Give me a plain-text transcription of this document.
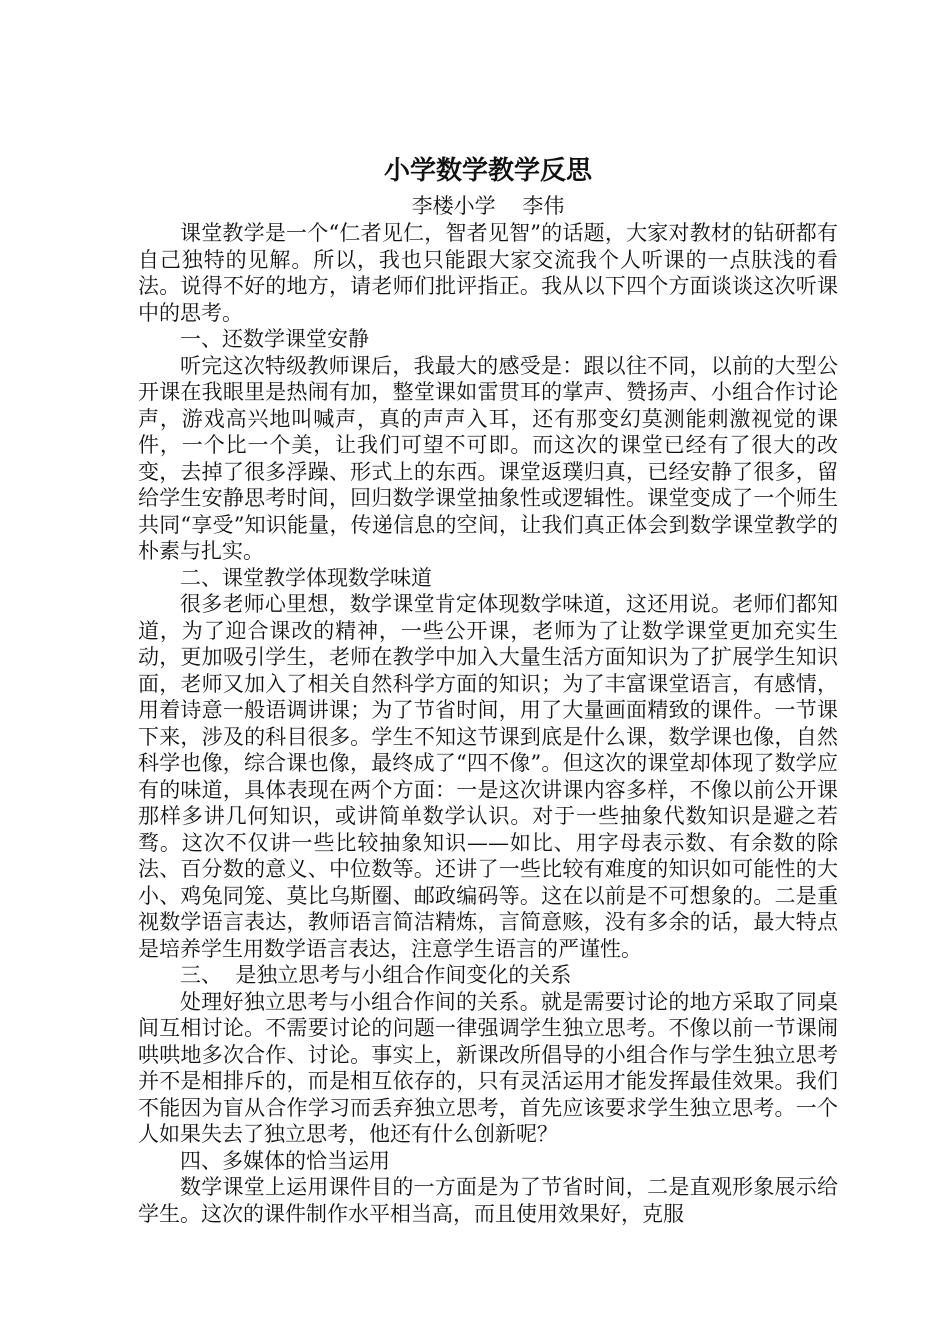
小学数学教学反思

李楼小学    李伟

课堂教学是一个“仁者见仁，智者见智”的话题，大家对教材的钻研都有自己独特的见解。所以，我也只能跟大家交流我个人听课的一点肤浅的看法。说得不好的地方，请老师们批评指正。我从以下四个方面谈谈这次听课中的思考。

一、还数学课堂安静

听完这次特级教师课后，我最大的感受是：跟以往不同，以前的大型公开课在我眼里是热闹有加，整堂课如雷贯耳的掌声、赞扬声、小组合作讨论声，游戏高兴地叫喊声，真的声声入耳，还有那变幻莫测能刺激视觉的课件，一个比一个美，让我们可望不可即。而这次的课堂已经有了很大的改变，去掉了很多浮躁、形式上的东西。课堂返璞归真，已经安静了很多，留给学生安静思考时间，回归数学课堂抽象性或逻辑性。课堂变成了一个师生共同“享受”知识能量，传递信息的空间，让我们真正体会到数学课堂教学的朴素与扎实。

二、课堂教学体现数学味道

很多老师心里想，数学课堂肯定体现数学味道，这还用说。老师们都知道，为了迎合课改的精神，一些公开课，老师为了让数学课堂更加充实生动，更加吸引学生，老师在教学中加入大量生活方面知识为了扩展学生知识面，老师又加入了相关自然科学方面的知识；为了丰富课堂语言，有感情，用着诗意一般语调讲课；为了节省时间，用了大量画面精致的课件。一节课下来，涉及的科目很多。学生不知这节课到底是什么课，数学课也像，自然科学也像，综合课也像，最终成了“四不像”。但这次的课堂却体现了数学应有的味道，具体表现在两个方面：一是这次讲课内容多样，不像以前公开课那样多讲几何知识，或讲简单数学认识。对于一些抽象代数知识是避之若骛。这次不仅讲一些比较抽象知识——如比、用字母表示数、有余数的除法、百分数的意义、中位数等。还讲了一些比较有难度的知识如可能性的大小、鸡兔同笼、莫比乌斯圈、邮政编码等。这在以前是不可想象的。二是重视数学语言表达，教师语言简洁精炼，言简意赅，没有多余的话，最大特点是培养学生用数学语言表达，注意学生语言的严谨性。

三、  是独立思考与小组合作间变化的关系

处理好独立思考与小组合作间的关系。就是需要讨论的地方采取了同桌间互相讨论。不需要讨论的问题一律强调学生独立思考。不像以前一节课闹哄哄地多次合作、讨论。事实上，新课改所倡导的小组合作与学生独立思考并不是相排斥的，而是相互依存的，只有灵活运用才能发挥最佳效果。我们不能因为盲从合作学习而丢弃独立思考，首先应该要求学生独立思考。一个人如果失去了独立思考，他还有什么创新呢？

四、多媒体的恰当运用

数学课堂上运用课件目的一方面是为了节省时间，二是直观形象展示给学生。这次的课件制作水平相当高，而且使用效果好，克服
